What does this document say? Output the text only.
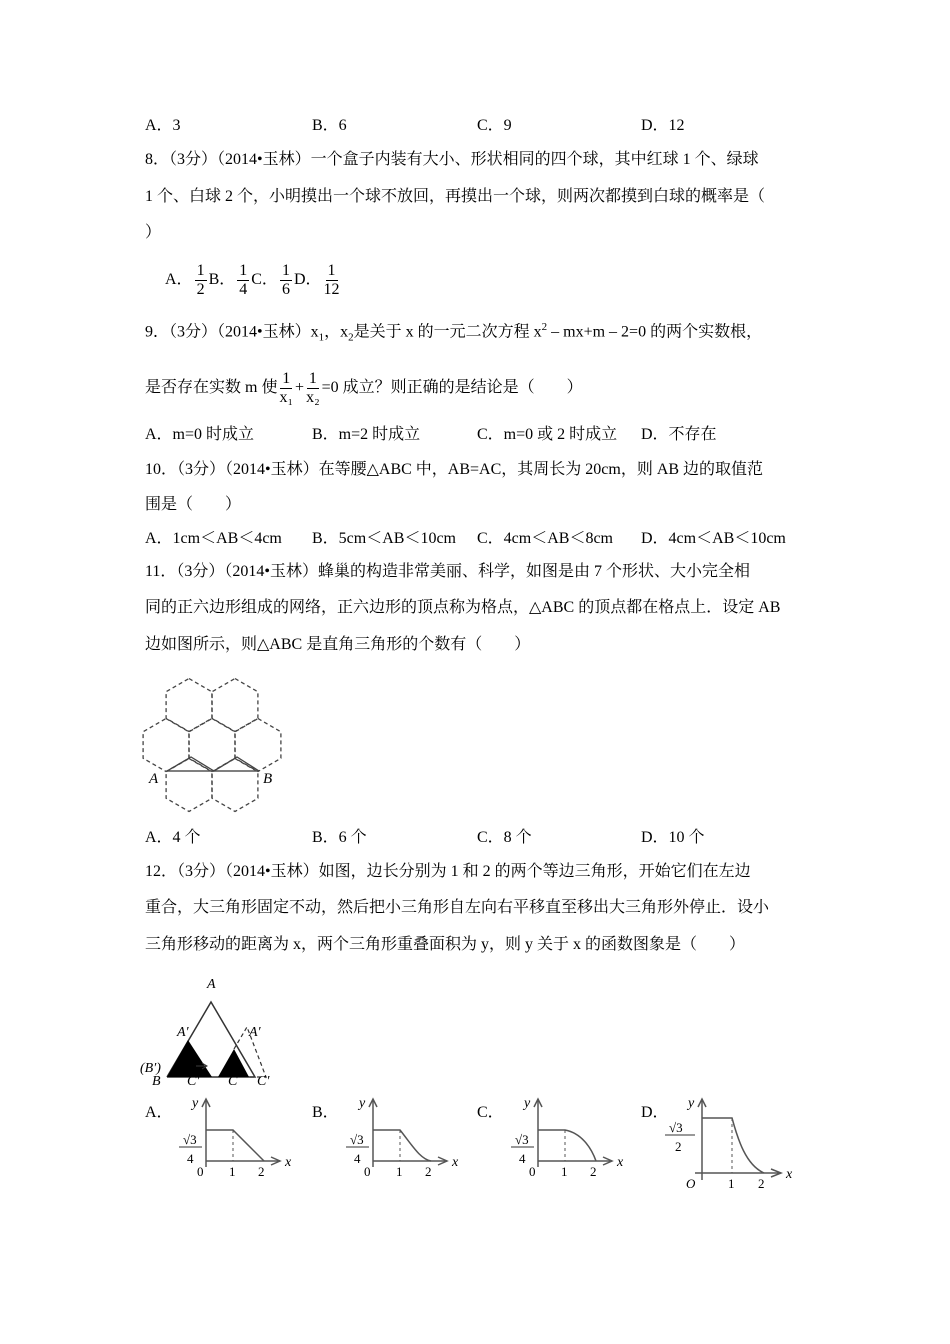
A．3	B．6	C．9	D．12
8．（3分）（2014•玉林）一个盒子内装有大小、形状相同的四个球，其中红球 1 个、绿球
1 个、白球 2 个，小明摸出一个球不放回，再摸出一个球，则两次都摸到白球的概率是（
）
A． $\frac{1}{2}$ B． $\frac{1}{4}$ C． $\frac{1}{6}$ D． $\frac{1}{12}$
9．（3分）（2014•玉林）$x_1$，$x_2$是关于 x 的一元二次方程 $x^2 - mx+m - 2=0$ 的两个实数根，
是否存在实数 m 使 $\frac{1}{\text{x₁}} + \frac{1}{\text{x₂}} =0$ 成立？则正确的是结论是（　　）
A．m=0 时成立	B．m=2 时成立	C．m=0 或 2 时成立 D．不存在
10．（3分）（2014•玉林）在等腰△ABC 中，AB=AC，其周长为 20cm，则 AB 边的取值范
围是（　　）
A．1cm＜AB＜4cm B．5cm＜AB＜10cm C．4cm＜AB＜8cm D．4cm＜AB＜10cm
11．（3分）（2014•玉林）蜂巢的构造非常美丽、科学，如图是由 7 个形状、大小完全相
同的正六边形组成的网络，正六边形的顶点称为格点，△ABC 的顶点都在格点上．设定 AB
边如图所示，则△ABC 是直角三角形的个数有（　　）
A	B
A．4 个	B．6 个	C．8 个	D．10 个
12．（3分）（2014•玉林）如图，边长分别为 1 和 2 的两个等边三角形，开始它们在左边
重合，大三角形固定不动，然后把小三角形自左向右平移直至移出大三角形外停止．设小
三角形移动的距离为 x，两个三角形重叠面积为 y，则 y 关于 x 的函数图象是（　　）
A
A′	A′
(B′)
B C′ C C′
A．
y
x
√3
4
0 1 2
B．
y
x
√3
4
0 1 2
C．
y
x
√3
4
0 1 2
D．
y
x
√3
2
O	1 2
